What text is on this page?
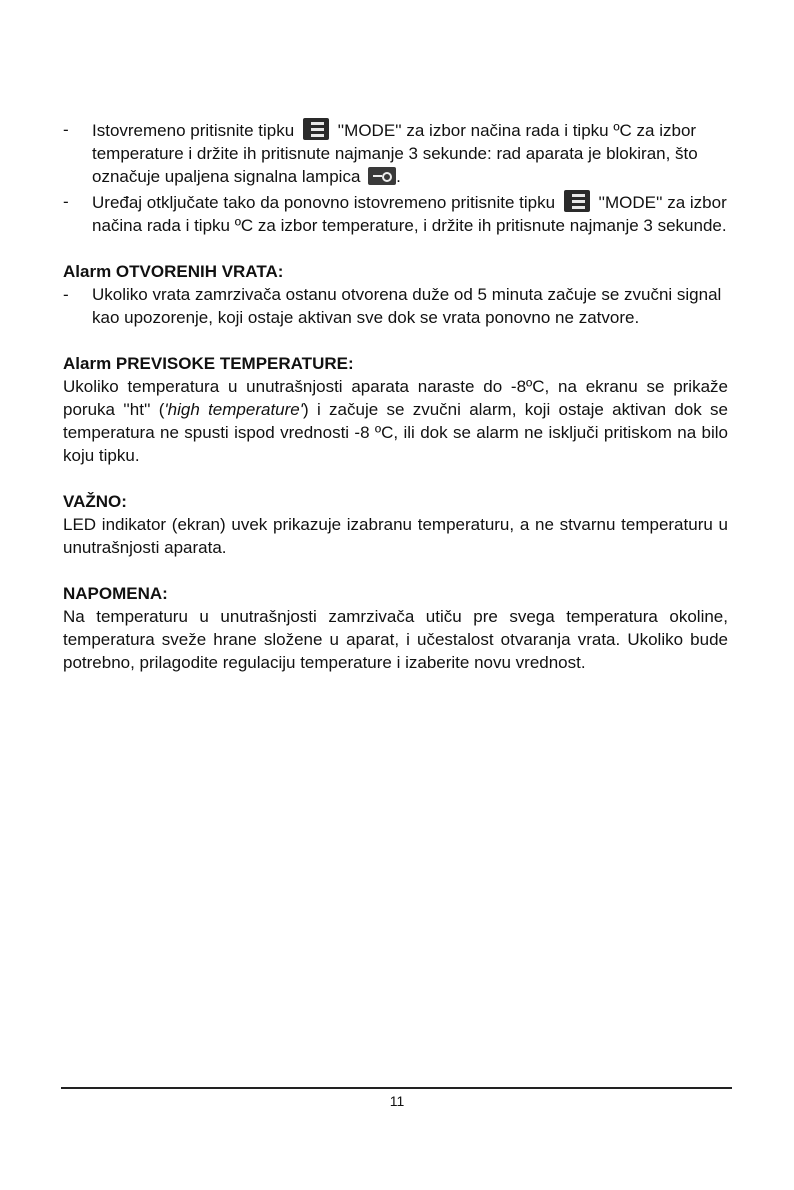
- Istovremeno pritisnite tipku	''MODE'' za izbor načina rada i tipku ºC za izbor temperature i držite ih pritisnute najmanje 3 sekunde: rad aparata je blokiran, što označuje upaljena signalna lampica .

- Uređaj otključate tako da ponovno istovremeno pritisnite tipku	''MODE'' za izbor načina rada i tipku ºC za izbor temperature, i držite ih pritisnute najmanje 3 sekunde.

Alarm OTVORENIH VRATA:

- Ukoliko vrata zamrzivača ostanu otvorena duže od 5 minuta začuje se zvučni signal kao upozorenje, koji ostaje aktivan sve dok se vrata ponovno ne zatvore.

Alarm PREVISOKE TEMPERATURE:

Ukoliko temperatura u unutrašnjosti aparata naraste do -8ºC, na ekranu se prikaže poruka ''ht'' ('high temperature') i začuje se zvučni alarm, koji ostaje aktivan dok se temperatura ne spusti ispod vrednosti -8 ºC, ili dok se alarm ne isključi pritiskom na bilo koju tipku.

VAŽNO:

LED indikator (ekran) uvek prikazuje izabranu temperaturu, a ne stvarnu temperaturu u unutrašnjosti aparata.

NAPOMENA:

Na temperaturu u unutrašnjosti zamrzivača utiču pre svega temperatura okoline, temperatura sveže hrane složene u aparat, i učestalost otvaranja vrata. Ukoliko bude potrebno, prilagodite regulaciju temperature i izaberite novu vrednost.

11
